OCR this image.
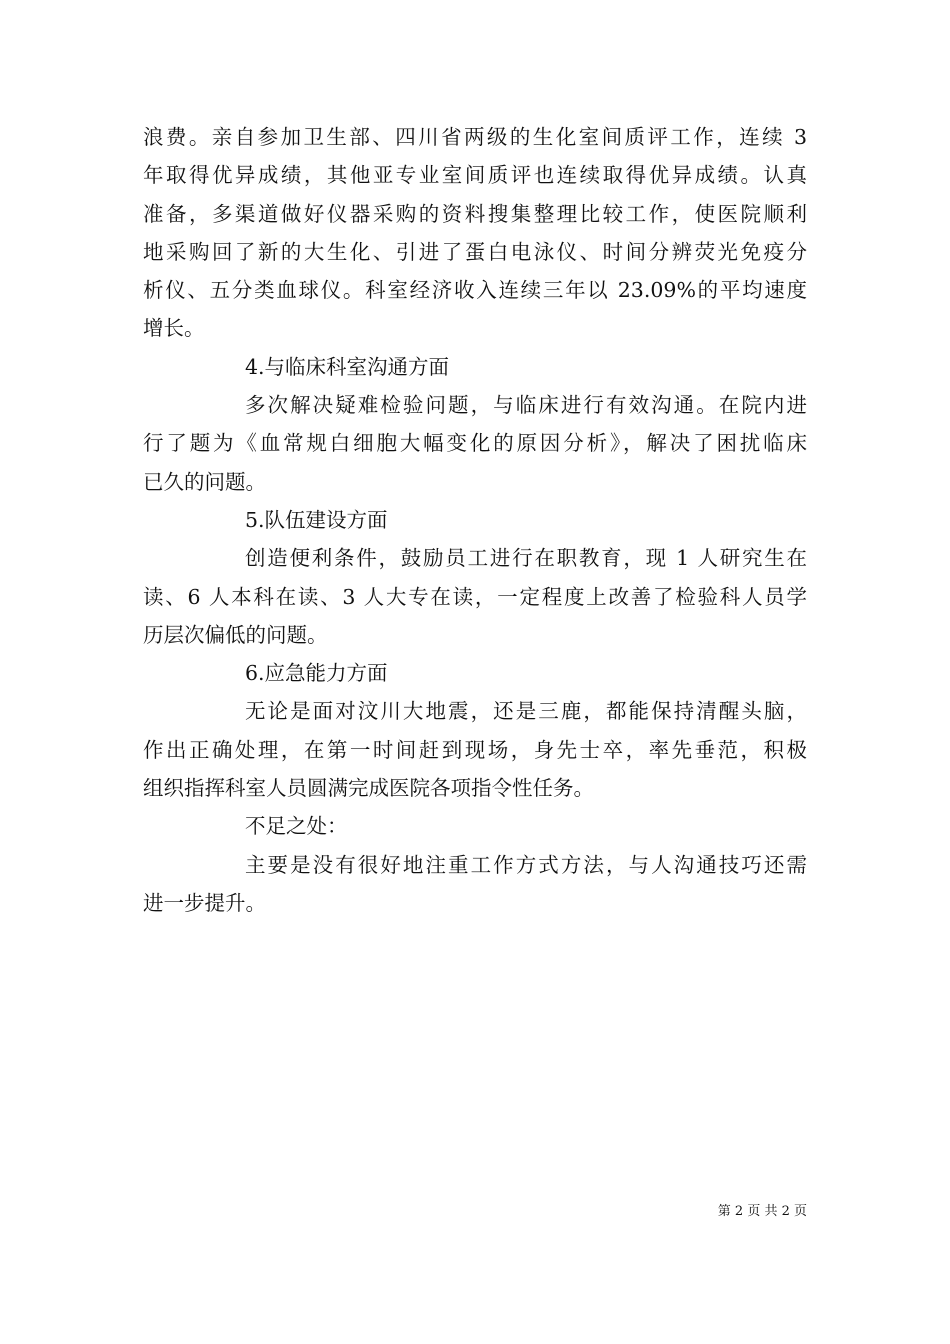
浪费。亲自参加卫生部、四川省两级的生化室间质评工作，连续 3
年取得优异成绩，其他亚专业室间质评也连续取得优异成绩。认真
准备，多渠道做好仪器采购的资料搜集整理比较工作，使医院顺利
地采购回了新的大生化、引进了蛋白电泳仪、时间分辨荧光免疫分
析仪、五分类血球仪。科室经济收入连续三年以 23.09%的平均速度
增长。
4.与临床科室沟通方面
多次解决疑难检验问题，与临床进行有效沟通。在院内进
行了题为《血常规白细胞大幅变化的原因分析》，解决了困扰临床
已久的问题。
5.队伍建设方面
创造便利条件，鼓励员工进行在职教育，现 1 人研究生在
读、6 人本科在读、3 人大专在读，一定程度上改善了检验科人员学
历层次偏低的问题。
6.应急能力方面
无论是面对汶川大地震，还是三鹿，都能保持清醒头脑，
作出正确处理，在第一时间赶到现场，身先士卒，率先垂范，积极
组织指挥科室人员圆满完成医院各项指令性任务。
不足之处：
主要是没有很好地注重工作方式方法，与人沟通技巧还需
进一步提升。
第 2 页 共 2 页
